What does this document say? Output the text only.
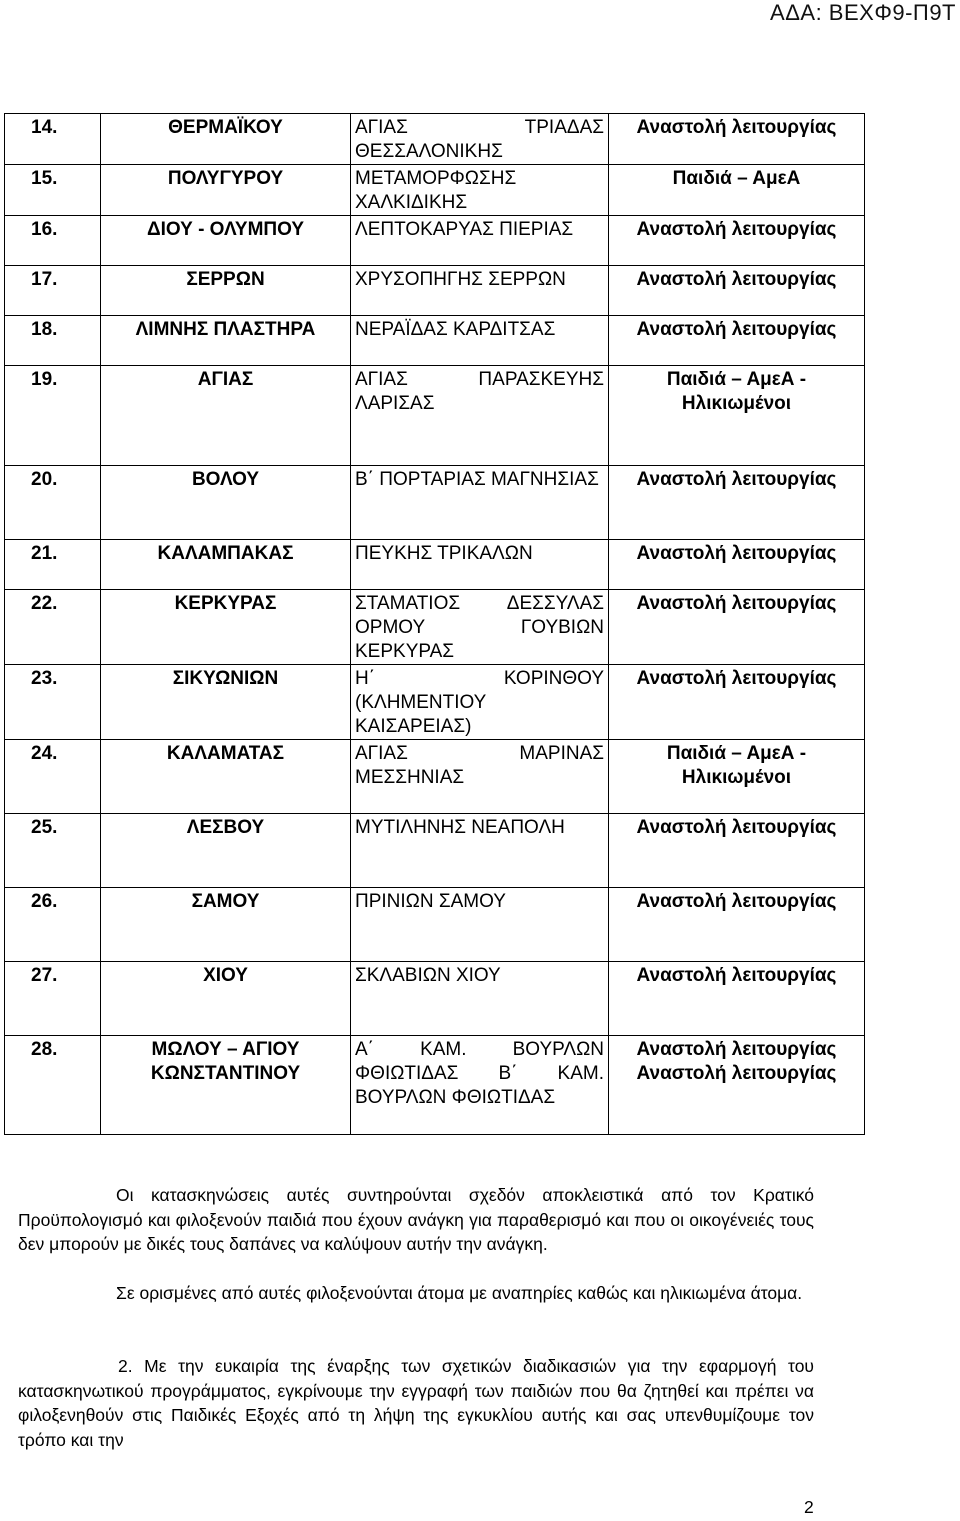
ΑΔΑ: ΒΕΧΦ9-Π9Τ
14.	ΘΕΡΜΑΪΚΟΥ	ΑΓΙΑΣ ΤΡΙΑΔΑΣ ΘΕΣΣΑΛΟΝΙΚΗΣ	Αναστολή λειτουργίας

15.	ΠΟΛΥΓΥΡΟΥ	ΜΕΤΑΜΟΡΦΩΣΗΣ ΧΑΛΚΙΔΙΚΗΣ	Παιδιά – ΑμεΑ

16.	ΔΙΟΥ - ΟΛΥΜΠΟΥ	ΛΕΠΤΟΚΑΡΥΑΣ ΠΙΕΡΙΑΣ	Αναστολή λειτουργίας

17.	ΣΕΡΡΩΝ	ΧΡΥΣΟΠΗΓΗΣ ΣΕΡΡΩΝ	Αναστολή λειτουργίας

18.	ΛΙΜΝΗΣ ΠΛΑΣΤΗΡΑ	ΝΕΡΑΪΔΑΣ ΚΑΡΔΙΤΣΑΣ	Αναστολή λειτουργίας

19.	ΑΓΙΑΣ	ΑΓΙΑΣ ΠΑΡΑΣΚΕΥΗΣ ΛΑΡΙΣΑΣ	Παιδιά – ΑμεΑ -
Ηλικιωμένοι

20.	ΒΟΛΟΥ	Β΄ ΠΟΡΤΑΡΙΑΣ ΜΑΓΝΗΣΙΑΣ	Αναστολή λειτουργίας

21.	ΚΑΛΑΜΠΑΚΑΣ	ΠΕΥΚΗΣ ΤΡΙΚΑΛΩΝ	Αναστολή λειτουργίας

22.	ΚΕΡΚΥΡΑΣ	ΣΤΑΜΑΤΙΟΣ ΔΕΣΣΥΛΑΣ ΟΡΜΟΥ ΓΟΥΒΙΩΝ ΚΕΡΚΥΡΑΣ	Αναστολή λειτουργίας

23.	ΣΙΚΥΩΝΙΩΝ	Η΄ ΚΟΡΙΝΘΟΥ (ΚΛΗΜΕΝΤΙΟΥ ΚΑΙΣΑΡΕΙΑΣ)	Αναστολή λειτουργίας

24.	ΚΑΛΑΜΑΤΑΣ	ΑΓΙΑΣ ΜΑΡΙΝΑΣ ΜΕΣΣΗΝΙΑΣ	Παιδιά – ΑμεΑ -
Ηλικιωμένοι

25.	ΛΕΣΒΟΥ	ΜΥΤΙΛΗΝΗΣ ΝΕΑΠΟΛΗ	Αναστολή λειτουργίας

26.	ΣΑΜΟΥ	ΠΡΙΝΙΩΝ ΣΑΜΟΥ	Αναστολή λειτουργίας

27.	ΧΙΟΥ	ΣΚΛΑΒΙΩΝ ΧΙΟΥ	Αναστολή λειτουργίας

28.	ΜΩΛΟΥ – ΑΓΙΟΥ ΚΩΝΣΤΑΝΤΙΝΟΥ	Α΄ ΚΑΜ. ΒΟΥΡΛΩΝ ΦΘΙΩΤΙΔΑΣ Β΄ ΚΑΜ. ΒΟΥΡΛΩΝ ΦΘΙΩΤΙΔΑΣ	Αναστολή λειτουργίας
Αναστολή λειτουργίας

Οι κατασκηνώσεις αυτές συντηρούνται σχεδόν αποκλειστικά από τον Κρατικό Προϋπολογισμό και φιλοξενούν παιδιά που έχουν ανάγκη για παραθερισμό και που οι οικογένειές τους δεν μπορούν με δικές τους δαπάνες να καλύψουν αυτήν την ανάγκη.

Σε ορισμένες από αυτές φιλοξενούνται άτομα με αναπηρίες καθώς και ηλικιωμένα άτομα.

2. Με την ευκαιρία της έναρξης των σχετικών διαδικασιών για την εφαρμογή του κατασκηνωτικού προγράμματος, εγκρίνουμε την εγγραφή των παιδιών που θα ζητηθεί και πρέπει να φιλοξενηθούν στις Παιδικές Εξοχές από τη λήψη της εγκυκλίου αυτής και σας υπενθυμίζουμε τον τρόπο και την

2
